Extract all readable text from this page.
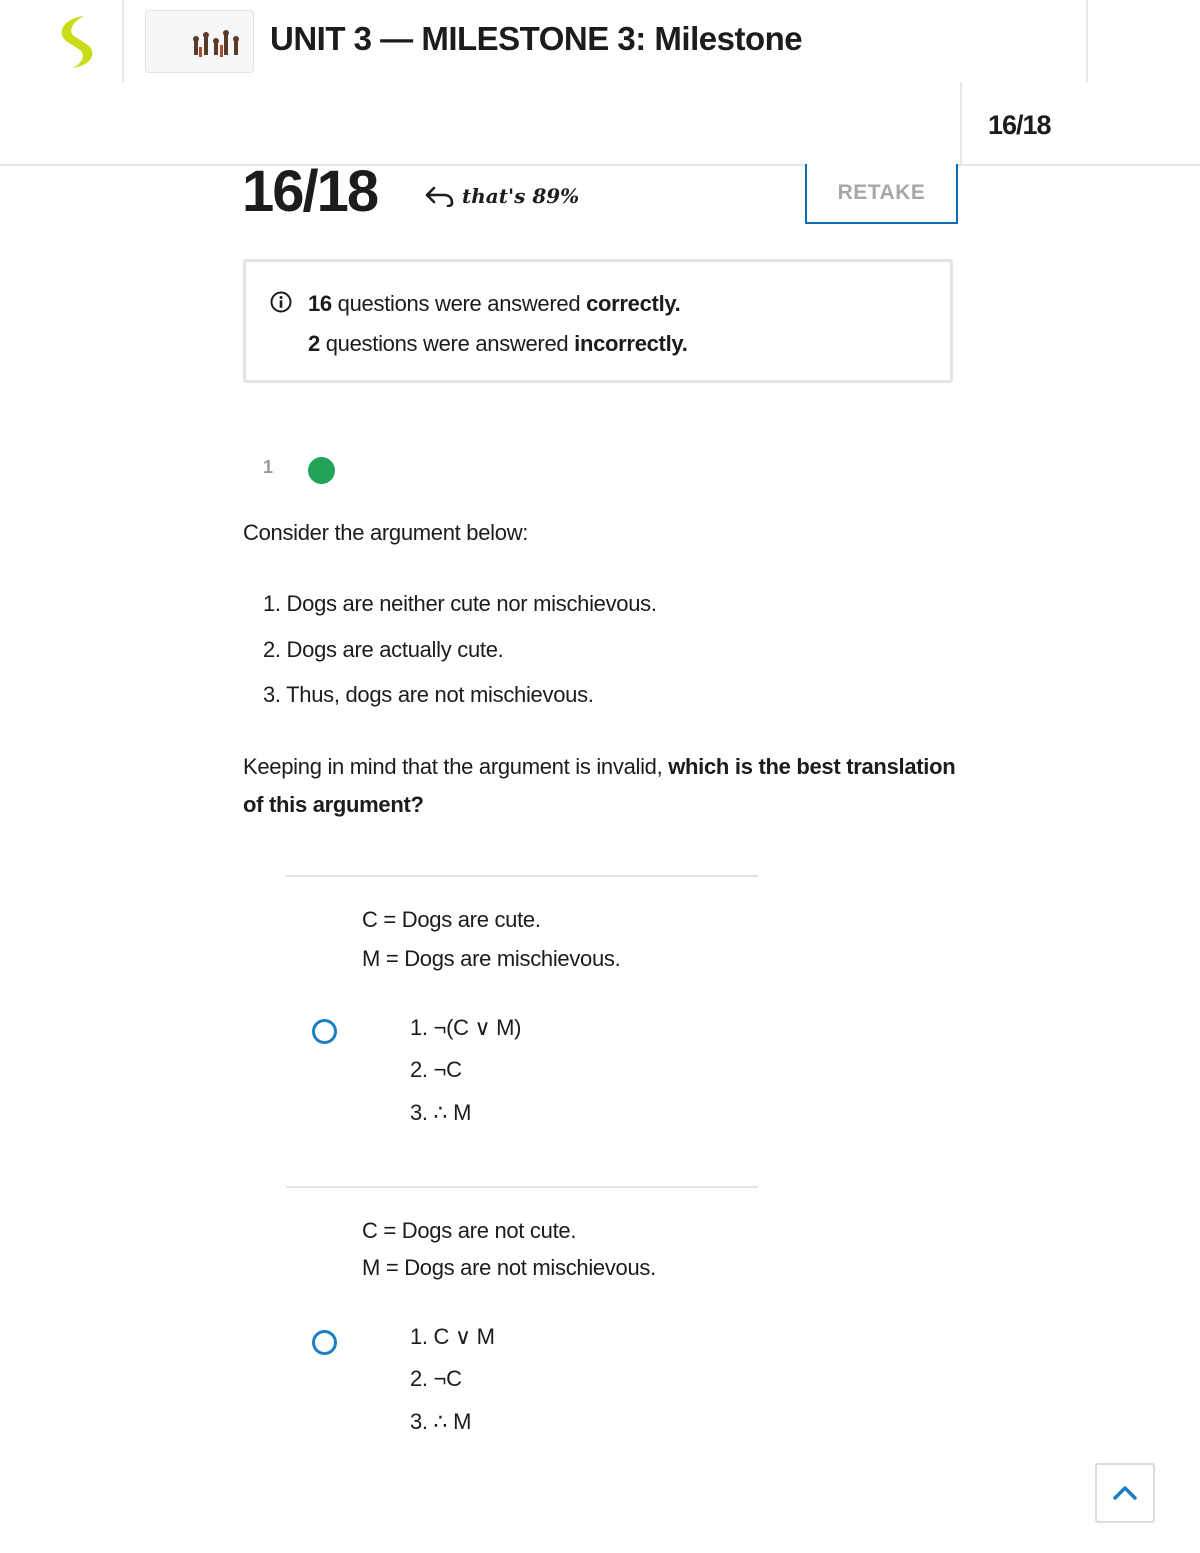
UNIT 3 — MILESTONE 3: Milestone
16/18
16/18	that's 89%	RETAKE
16 questions were answered correctly.
2 questions were answered incorrectly.
1
Consider the argument below:
1. Dogs are neither cute nor mischievous.
2. Dogs are actually cute.
3. Thus, dogs are not mischievous.
Keeping in mind that the argument is invalid, which is the best translation of this argument?
C = Dogs are cute.
M = Dogs are mischievous.
1. ¬(C ∨ M)
2. ¬C
3. ∴ M
C = Dogs are not cute.
M = Dogs are not mischievous.
1. C ∨ M
2. ¬C
3. ∴ M
